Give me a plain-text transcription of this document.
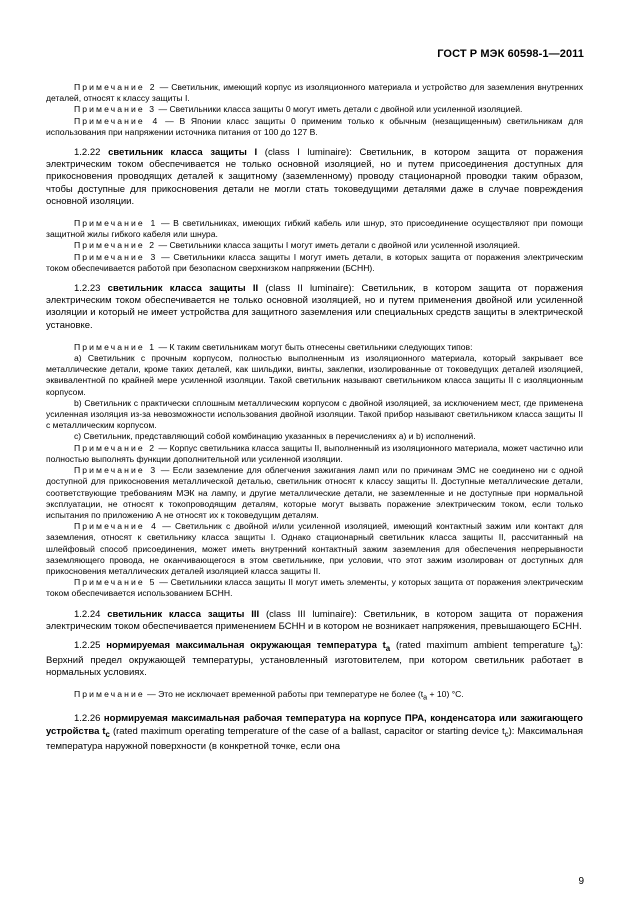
ГОСТ Р МЭК 60598-1—2011

Примечание 2 — Светильник, имеющий корпус из изоляционного материала и устройство для заземления внутренних деталей, относят к классу защиты I.

Примечание 3 — Светильники класса защиты 0 могут иметь детали с двойной или усиленной изоляцией.

Примечание 4 — В Японии класс защиты 0 применим только к обычным (незащищенным) светильникам для использования при напряжении источника питания от 100 до 127 В.

1.2.22 светильник класса защиты I (class I luminaire): Светильник, в котором защита от поражения электрическим током обеспечивается не только основной изоляцией, но и путем присоединения доступных для прикосновения проводящих деталей к защитному (заземленному) проводу стационарной проводки таким образом, чтобы доступные для прикосновения детали не могли стать токоведущими деталями даже в случае повреждения основной изоляции.

Примечание 1 — В светильниках, имеющих гибкий кабель или шнур, это присоединение осуществляют при помощи защитной жилы гибкого кабеля или шнура.

Примечание 2 — Светильники класса защиты I могут иметь детали с двойной или усиленной изоляцией.

Примечание 3 — Светильники класса защиты I могут иметь детали, в которых защита от поражения электрическим током обеспечивается работой при безопасном сверхнизком напряжении (БСНН).

1.2.23 светильник класса защиты II (class II luminaire): Светильник, в котором защита от поражения электрическим током обеспечивается не только основной изоляцией, но и путем применения двойной или усиленной изоляции и который не имеет устройства для защитного заземления или специальных средств защиты в электрической установке.

Примечание 1 — К таким светильникам могут быть отнесены светильники следующих типов:

a) Светильник с прочным корпусом, полностью выполненным из изоляционного материала, который закрывает все металлические детали, кроме таких деталей, как шильдики, винты, заклепки, изолированные от токоведущих деталей изоляцией, эквивалентной по крайней мере усиленной изоляции. Такой светильник называют светильником класса защиты II с изоляционным корпусом.

b) Светильник с практически сплошным металлическим корпусом с двойной изоляцией, за исключением мест, где применена усиленная изоляция из-за невозможности использования двойной изоляции. Такой прибор называют светильником класса защиты II с металлическим корпусом.

c) Светильник, представляющий собой комбинацию указанных в перечислениях a) и b) исполнений.

Примечание 2 — Корпус светильника класса защиты II, выполненный из изоляционного материала, может частично или полностью выполнять функции дополнительной или усиленной изоляции.

Примечание 3 — Если заземление для облегчения зажигания ламп или по причинам ЭМС не соединено ни с одной доступной для прикосновения металлической деталью, светильник относят к классу защиты II. Доступные металлические детали, соответствующие требованиям МЭК на лампу, и другие металлические детали, не заземленные и не доступные при нормальной эксплуатации, не относят к токопроводящим деталям, которые могут вызвать поражение электрическим током, если только испытания по приложению А не относят их к токоведущим деталям.

Примечание 4 — Светильник с двойной и/или усиленной изоляцией, имеющий контактный зажим или контакт для заземления, относят к светильнику класса защиты I. Однако стационарный светильник класса защиты II, рассчитанный на шлейфовый способ присоединения, может иметь внутренний контактный зажим заземления для обеспечения непрерывности заземляющего провода, не оканчивающегося в этом светильнике, при условии, что этот зажим изолирован от доступных для прикосновения металлических деталей изоляцией класса защиты II.

Примечание 5 — Светильники класса защиты II могут иметь элементы, у которых защита от поражения электрическим током обеспечивается использованием БСНН.

1.2.24 светильник класса защиты III (class III luminaire): Светильник, в котором защита от поражения электрическим током обеспечивается применением БСНН и в котором не возникает напряжения, превышающего БСНН.

1.2.25 нормируемая максимальная окружающая температура $t_a$ (rated maximum ambient temperature $t_a$): Верхний предел окружающей температуры, установленный изготовителем, при котором светильник работает в нормальных условиях.

Примечание — Это не исключает временной работы при температуре не более $(t_a + 10)$ °C.

1.2.26 нормируемая максимальная рабочая температура на корпусе ПРА, конденсатора или зажигающего устройства $t_c$ (rated maximum operating temperature of the case of a ballast, capacitor or starting device $t_c$): Максимальная температура наружной поверхности (в конкретной точке, если она

9
